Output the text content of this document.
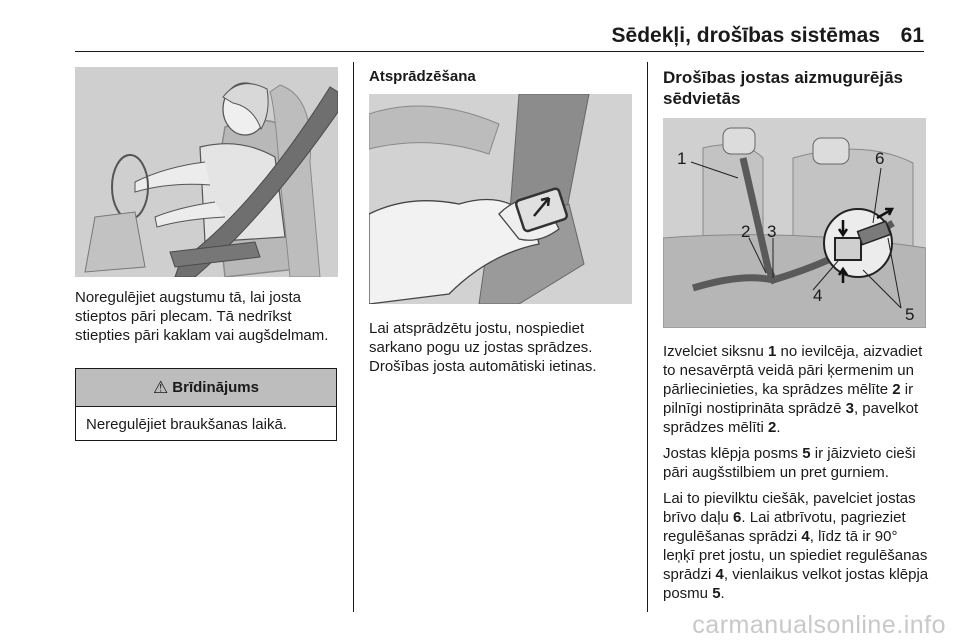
Sēdekļi, drošības sistēmas 61
Noregulējiet augstumu tā, lai josta stieptos pāri plecam. Tā nedrīkst stiepties pāri kaklam vai augšdelmam.
⚠ Brīdinājums
Neregulējiet braukšanas laikā.
Atsprādzēšana
Lai atsprādzētu jostu, nospiediet sarkano pogu uz jostas sprādzes. Drošības josta automātiski ietinas.
Drošības jostas aizmugurējās sēdvietās
1
2 3
4
5
6

Izvelciet siksnu 1 no ievilcēja, aizvadiet to nesavērptā veidā pāri ķermenim un pārliecinieties, ka sprādzes mēlīte 2 ir pilnīgi nostiprināta sprādzē 3, pavelkot sprādzes mēlīti 2.

Jostas klēpja posms 5 ir jāizvieto cieši pāri augšstilbiem un pret gurniem.

Lai to pievilktu ciešāk, pavelciet jostas brīvo daļu 6. Lai atbrīvotu, pagrieziet regulēšanas sprādzi 4, līdz tā ir 90° leņķī pret jostu, un spiediet regulēšanas sprādzi 4, vienlaikus velkot jostas klēpja posmu 5.

carmanualsonline.info
